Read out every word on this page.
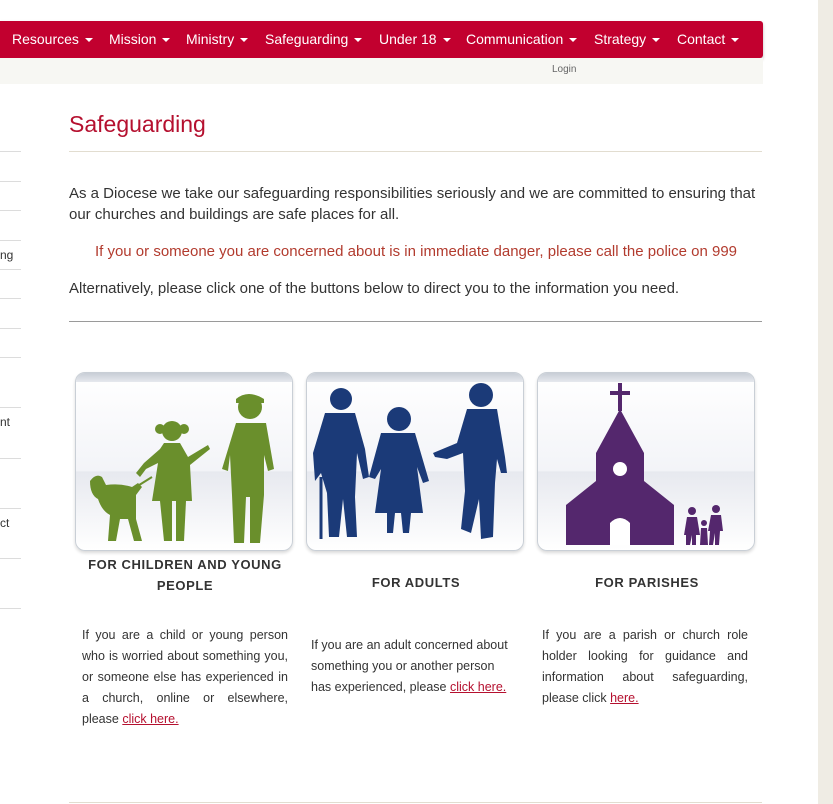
Resources	Mission	Ministry	Safeguarding	Under 18	Communication	Strategy	Contact
Login
ng
nt
ct
Safeguarding

As a Diocese we take our safeguarding responsibilities seriously and we are committed to ensuring that our churches and buildings are safe places for all.

If you or someone you are concerned about is in immediate danger, please call the police on 999

Alternatively, please click one of the buttons below to direct you to the information you need.

FOR CHILDREN AND YOUNG PEOPLE

If you are a child or young person who is worried about something you, or someone else has experienced in a church, online or elsewhere, please click here.

FOR ADULTS

If you are an adult concerned about something you or another person has experienced, please click here.

FOR PARISHES

If you are a parish or church role holder looking for guidance and information about safeguarding, please click here.
